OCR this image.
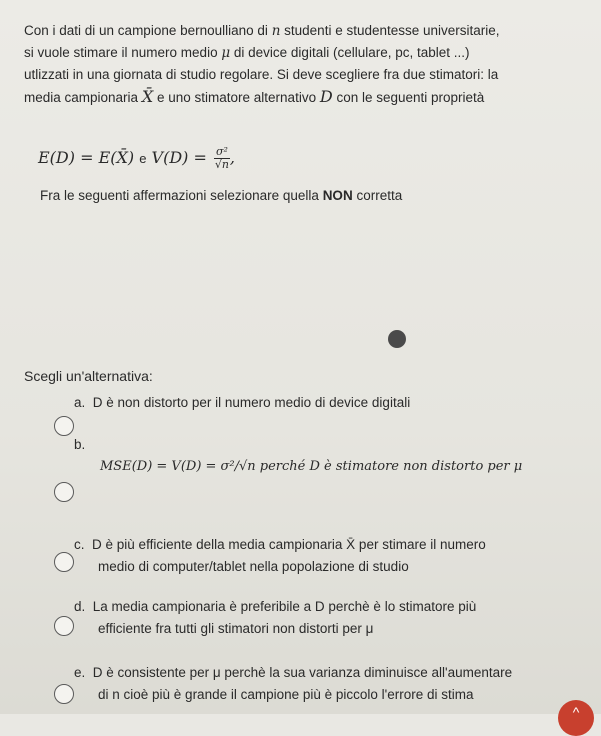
Con i dati di un campione bernoulliano di n studenti e studentesse universitarie,
si vuole stimare il numero medio μ di device digitali (cellulare, pc, tablet ...)
utlizzati in una giornata di studio regolare. Si deve scegliere fra due stimatori: la
media campionaria X̄ e uno stimatore alternativo D con le seguenti proprietà
E(D) = E(X̄) e $V(D) = \frac{\text{σ²}}{√n}$ ,
Fra le seguenti affermazioni selezionare quella NON corretta
Scegli un'alternativa:
a. D è non distorto per il numero medio di device digitali
b.
MSE(D) = V(D) = σ²/√n perché D è stimatore non distorto per μ
c. D è più efficiente della media campionaria X̄ per stimare il numero
medio di computer/tablet nella popolazione di studio
d. La media campionaria è preferibile a D perchè è lo stimatore più
efficiente fra tutti gli stimatori non distorti per μ
e. D è consistente per μ perchè la sua varianza diminuisce all'aumentare
di n cioè più è grande il campione più è piccolo l'errore di stima
^
